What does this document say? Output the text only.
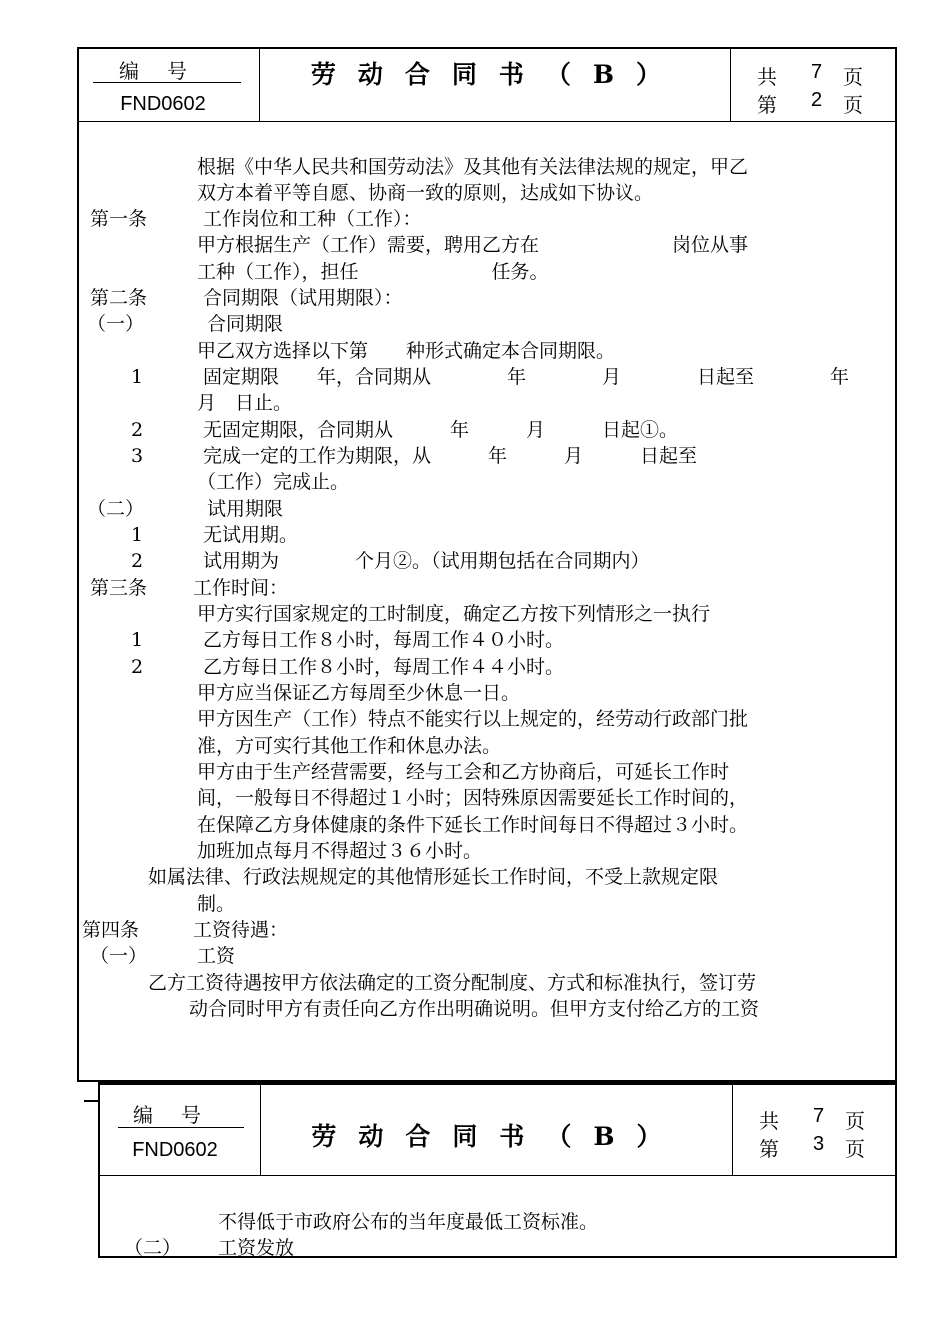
编号
FND0602
劳动合同书（B）	共 7 页
第 2 页

根据《中华人民共和国劳动法》及其他有关法律法规的规定，甲乙

双方本着平等自愿、协商一致的原则，达成如下协议。

第一条

	工作岗位和工种（工作）：

甲方根据生产（工作）需要，聘用乙方在　　　　　　　岗位从事

工种（工作），担任　　　　　　　任务。

第二条

	合同期限（试用期限）：

（一）

	合同期限

甲乙双方选择以下第　　种形式确定本合同期限。

1

	固定期限　　年，合同期从　　　　年　　　　月　　　　日起至　　　　年

月　日止。

2

	无固定期限，合同期从　　　年　　　月　　　日起①。

3

	完成一定的工作为期限，从　　　年　　　月　　　日起至

（工作）完成止。

（二）

	试用期限

1

	无试用期。

2

	试用期为　　　　个月②。（试用期包括在合同期内）

第三条

工作时间：

甲方实行国家规定的工时制度，确定乙方按下列情形之一执行

1

	乙方每日工作８小时，每周工作４０小时。

2

	乙方每日工作８小时，每周工作４４小时。

甲方应当保证乙方每周至少休息一日。

甲方因生产（工作）特点不能实行以上规定的，经劳动行政部门批

准，方可实行其他工作和休息办法。

甲方由于生产经营需要，经与工会和乙方协商后，可延长工作时

间，一般每日不得超过１小时；因特殊原因需要延长工作时间的，

在保障乙方身体健康的条件下延长工作时间每日不得超过３小时。

加班加点每月不得超过３６小时。

如属法律、行政法规规定的其他情形延长工作时间，不受上款规定限

制。

第四条

	工资待遇：

（一）

	工资

乙方工资待遇按甲方依法确定的工资分配制度、方式和标准执行，签订劳

动合同时甲方有责任向乙方作出明确说明。但甲方支付给乙方的工资

编号
FND0602	劳动合同书（B）
共 7 页
第 3 页

不得低于市政府公布的当年度最低工资标准。

（二）

工资发放
